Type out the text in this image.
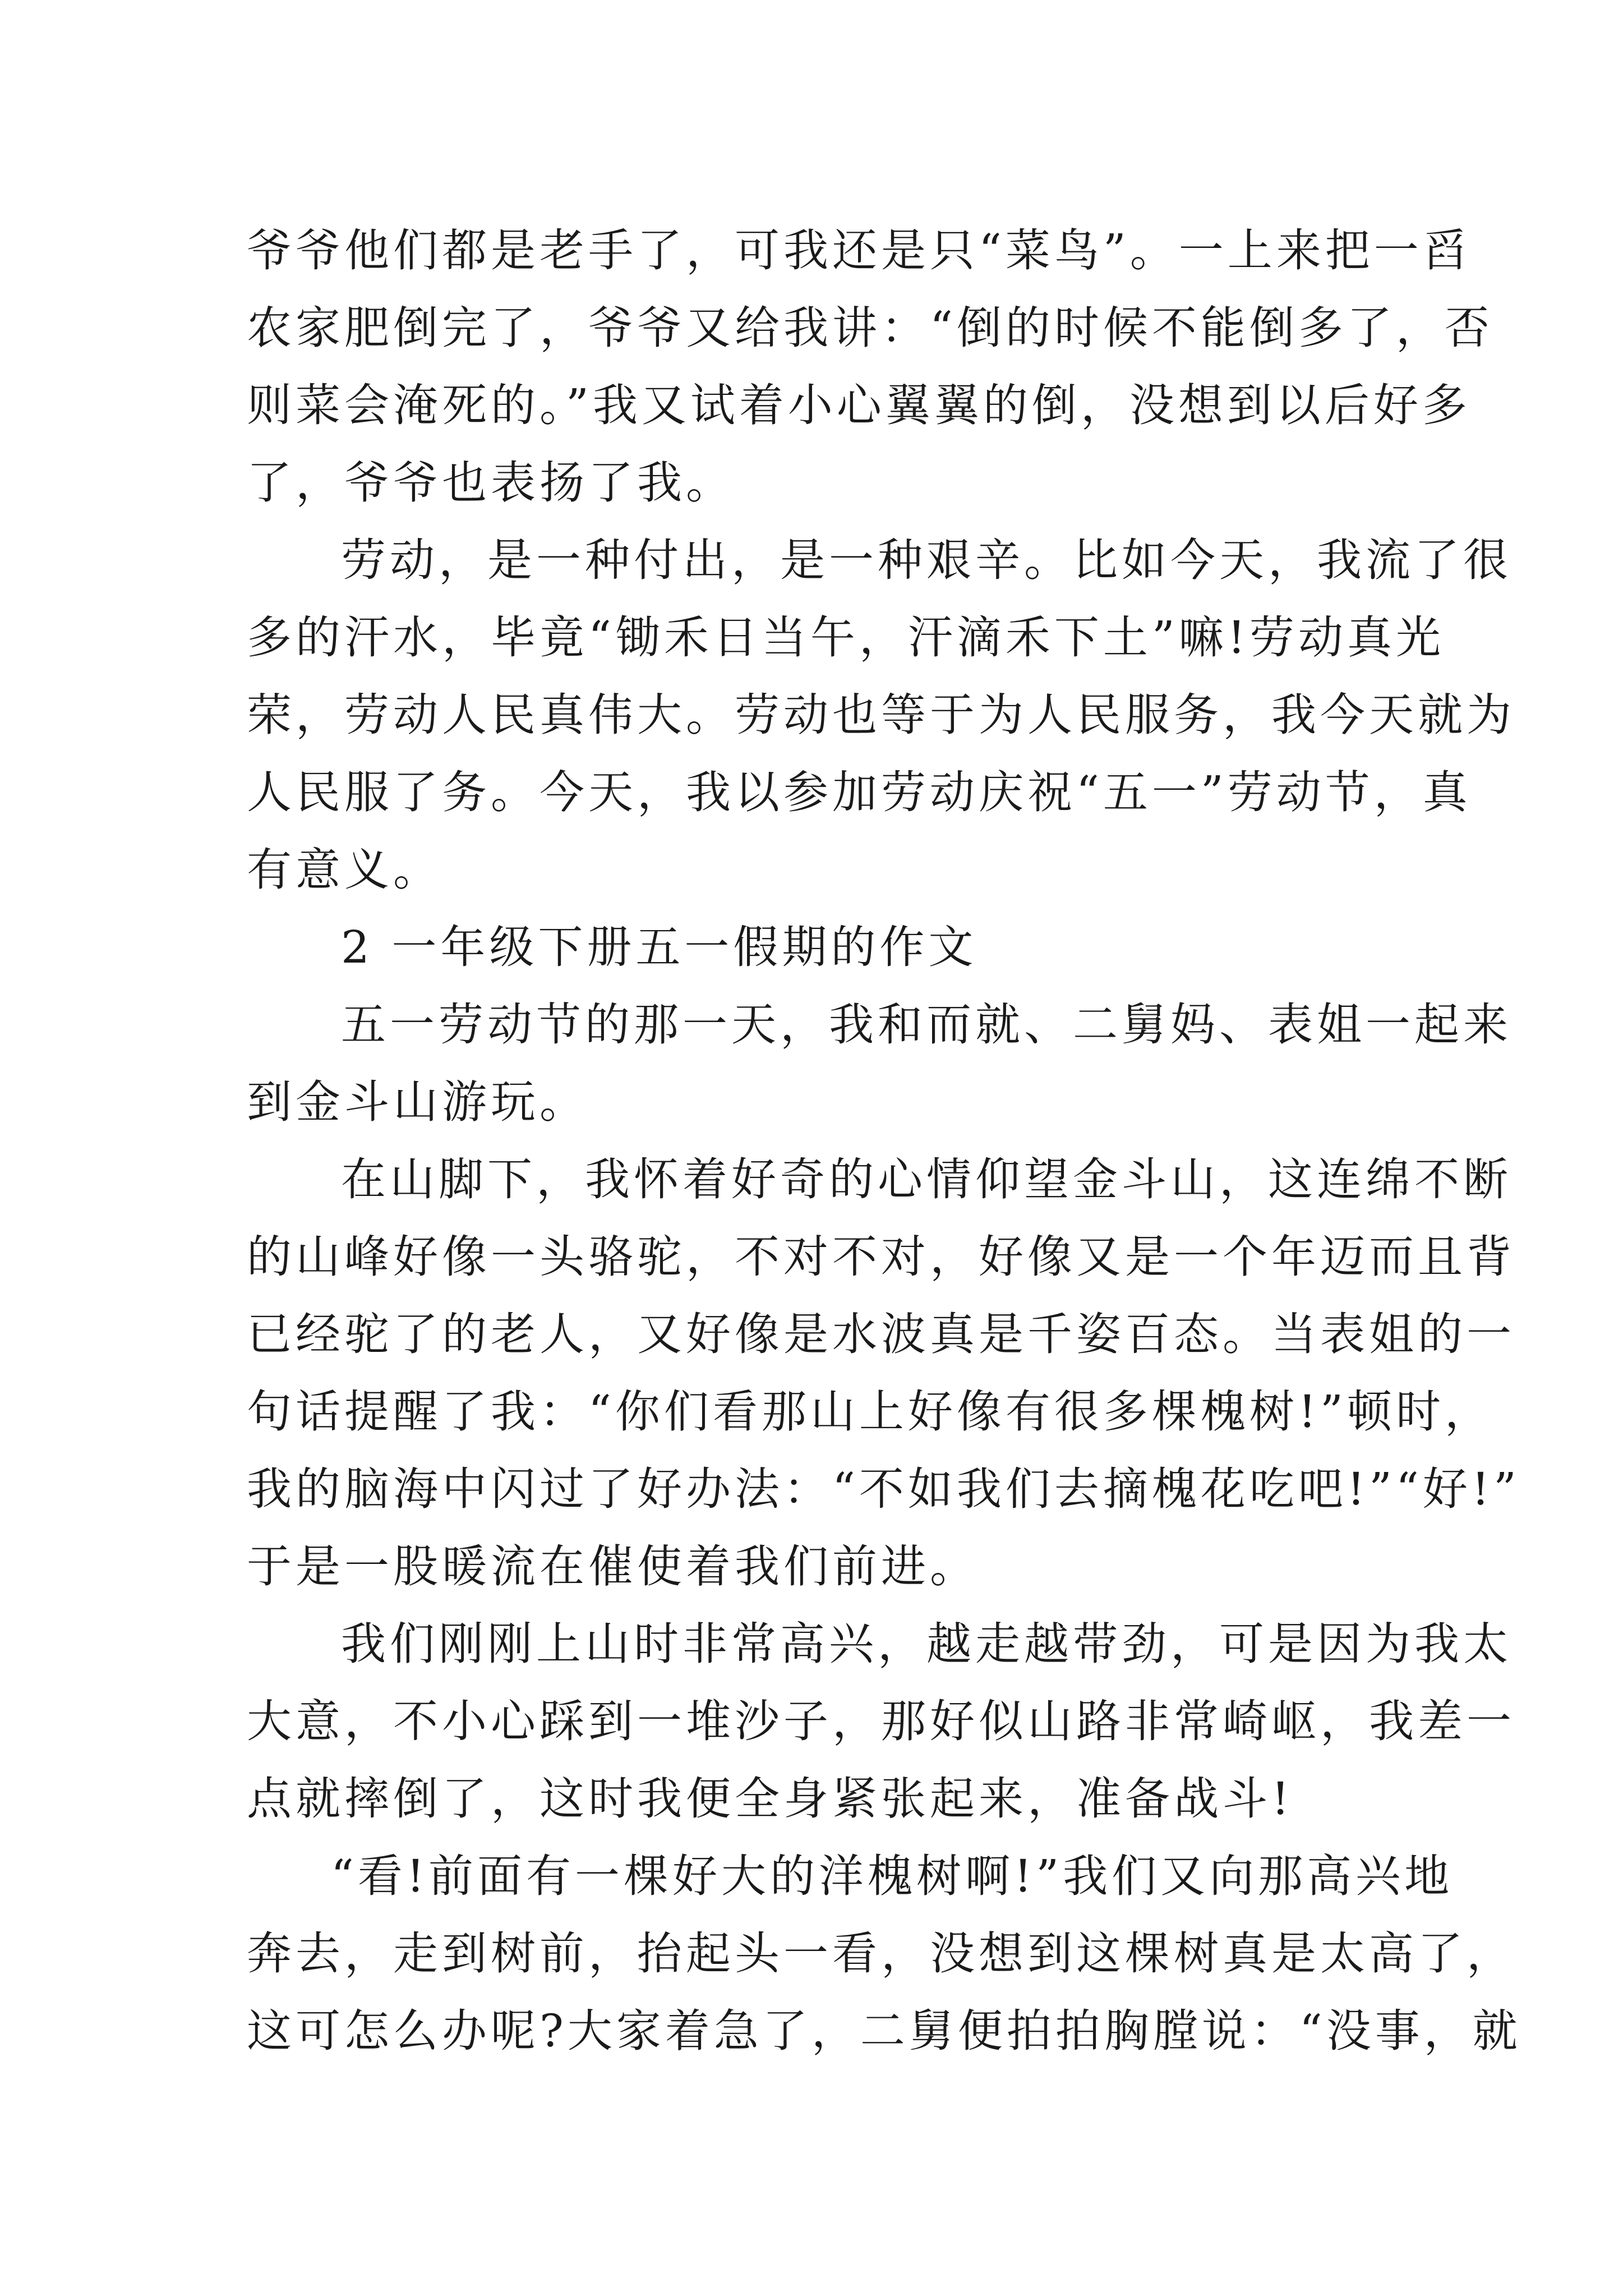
爷爷他们都是老手了，可我还是只“菜鸟”。一上来把一舀
农家肥倒完了，爷爷又给我讲：“倒的时候不能倒多了，否
则菜会淹死的。”我又试着小心翼翼的倒，没想到以后好多
了，爷爷也表扬了我。
劳动，是一种付出，是一种艰辛。比如今天，我流了很
多的汗水，毕竟“锄禾日当午，汗滴禾下土”嘛!劳动真光
荣，劳动人民真伟大。劳动也等于为人民服务，我今天就为
人民服了务。今天，我以参加劳动庆祝“五一”劳动节，真
有意义。
2 一年级下册五一假期的作文
五一劳动节的那一天，我和而就、二舅妈、表姐一起来
到金斗山游玩。
在山脚下，我怀着好奇的心情仰望金斗山，这连绵不断
的山峰好像一头骆驼，不对不对，好像又是一个年迈而且背
已经驼了的老人，又好像是水波真是千姿百态。当表姐的一
句话提醒了我：“你们看那山上好像有很多棵槐树!”顿时，
我的脑海中闪过了好办法：“不如我们去摘槐花吃吧!”“好!”
于是一股暖流在催使着我们前进。
我们刚刚上山时非常高兴，越走越带劲，可是因为我太
大意，不小心踩到一堆沙子，那好似山路非常崎岖，我差一
点就摔倒了，这时我便全身紧张起来，准备战斗!
“看!前面有一棵好大的洋槐树啊!”我们又向那高兴地
奔去，走到树前，抬起头一看，没想到这棵树真是太高了，
这可怎么办呢?大家着急了，二舅便拍拍胸膛说：“没事，就
